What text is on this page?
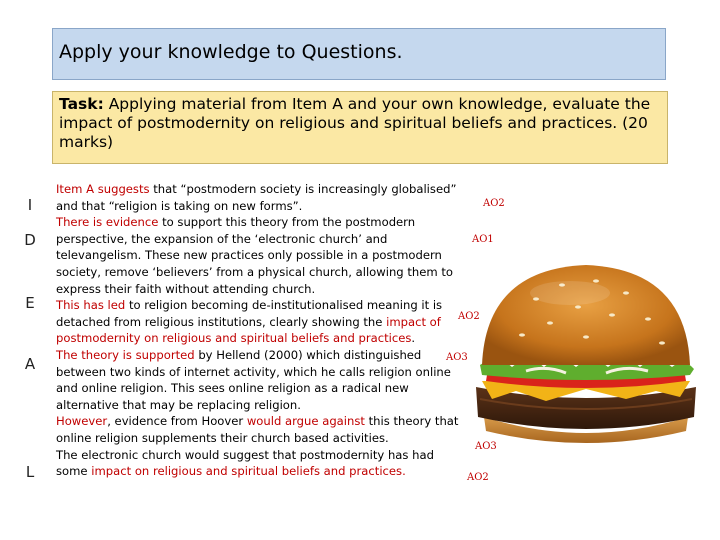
Apply your knowledge to Questions.
Task: Applying material from Item A and your own knowledge, evaluate the impact of postmodernity on religious and spiritual beliefs and practices. (20 marks)
I
D
E
A
L
Item A suggests that “postmodern society is increasingly globalised”
and that “religion is taking on new forms”.
There is evidence to support this theory from the postmodern
perspective, the expansion of the ‘electronic church’ and
televangelism. These new practices only possible in a postmodern
society, remove ‘believers’ from a physical church, allowing them to
express their faith without attending church.
This has led to religion becoming de-institutionalised meaning it is
detached from religious institutions, clearly showing the impact of
postmodernity on religious and spiritual beliefs and practices.
The theory is supported by Hellend (2000) which distinguished
between two kinds of internet activity, which he calls religion online
and online religion. This sees online religion as a radical new
alternative that may be replacing religion.
However, evidence from Hoover would argue against this theory that
online religion supplements their church based activities.
The electronic church would suggest that postmodernity has had
some impact on religious and spiritual beliefs and practices.
AO2
AO1
AO2
AO3
AO3
AO2
